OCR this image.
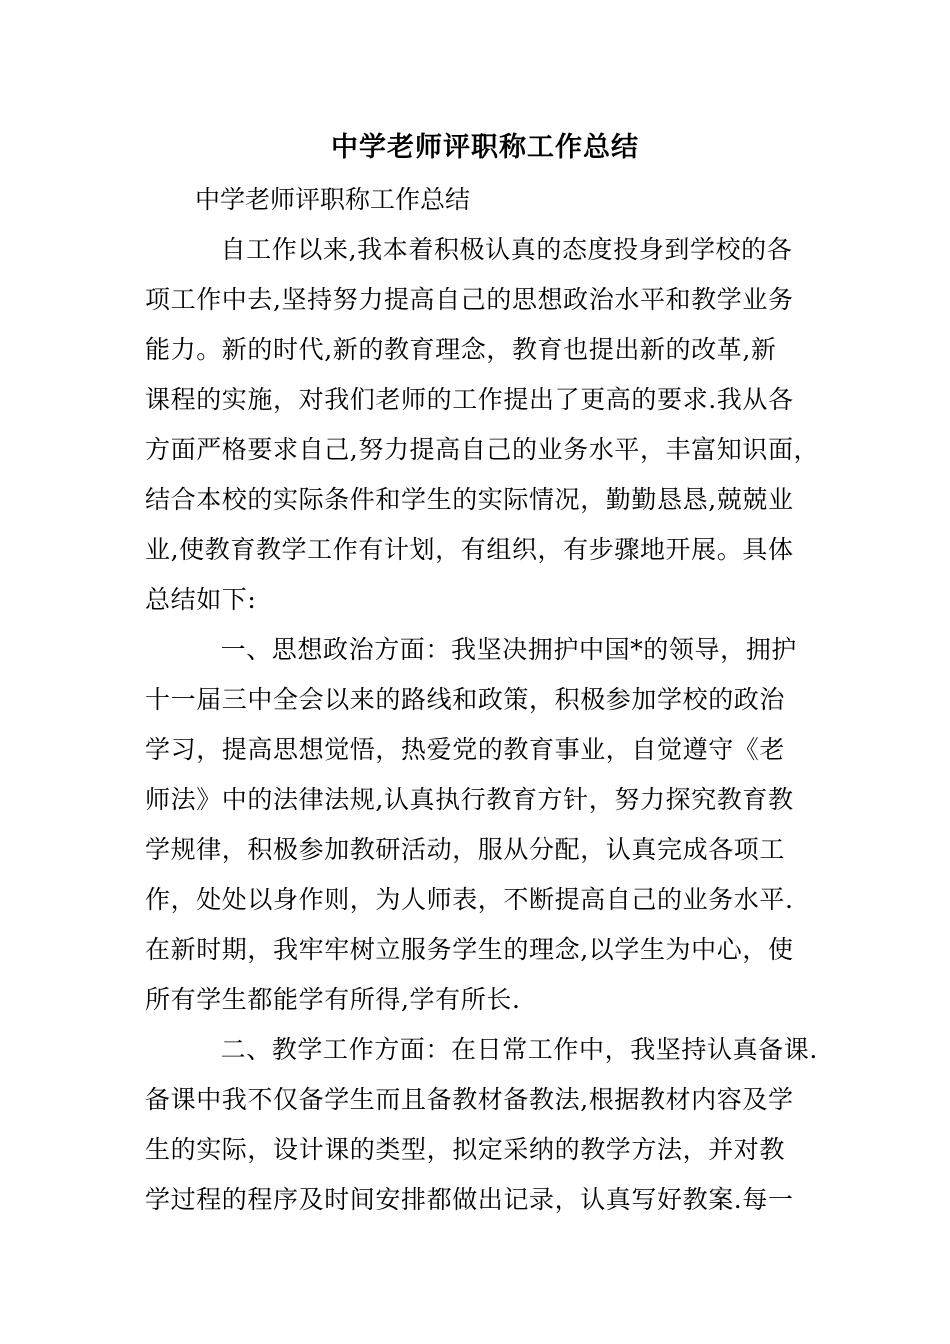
中学老师评职称工作总结
中学老师评职称工作总结
　自工作以来,我本着积极认真的态度投身到学校的各
项工作中去,坚持努力提高自己的思想政治水平和教学业务
能力。新的时代,新的教育理念，教育也提出新的改革,新
课程的实施，对我们老师的工作提出了更高的要求.我从各
方面严格要求自己,努力提高自己的业务水平，丰富知识面，
结合本校的实际条件和学生的实际情况，勤勤恳恳,兢兢业
业,使教育教学工作有计划，有组织，有步骤地开展。具体
总结如下:
　一、思想政治方面：我坚决拥护中国*的领导，拥护
十一届三中全会以来的路线和政策，积极参加学校的政治
学习，提高思想觉悟，热爱党的教育事业，自觉遵守《老
师法》中的法律法规,认真执行教育方针，努力探究教育教
学规律，积极参加教研活动，服从分配，认真完成各项工
作，处处以身作则，为人师表，不断提高自己的业务水平.
在新时期，我牢牢树立服务学生的理念,以学生为中心，使
所有学生都能学有所得,学有所长.
　二、教学工作方面：在日常工作中，我坚持认真备课.
备课中我不仅备学生而且备教材备教法,根据教材内容及学
生的实际，设计课的类型，拟定采纳的教学方法，并对教
学过程的程序及时间安排都做出记录，认真写好教案.每一
